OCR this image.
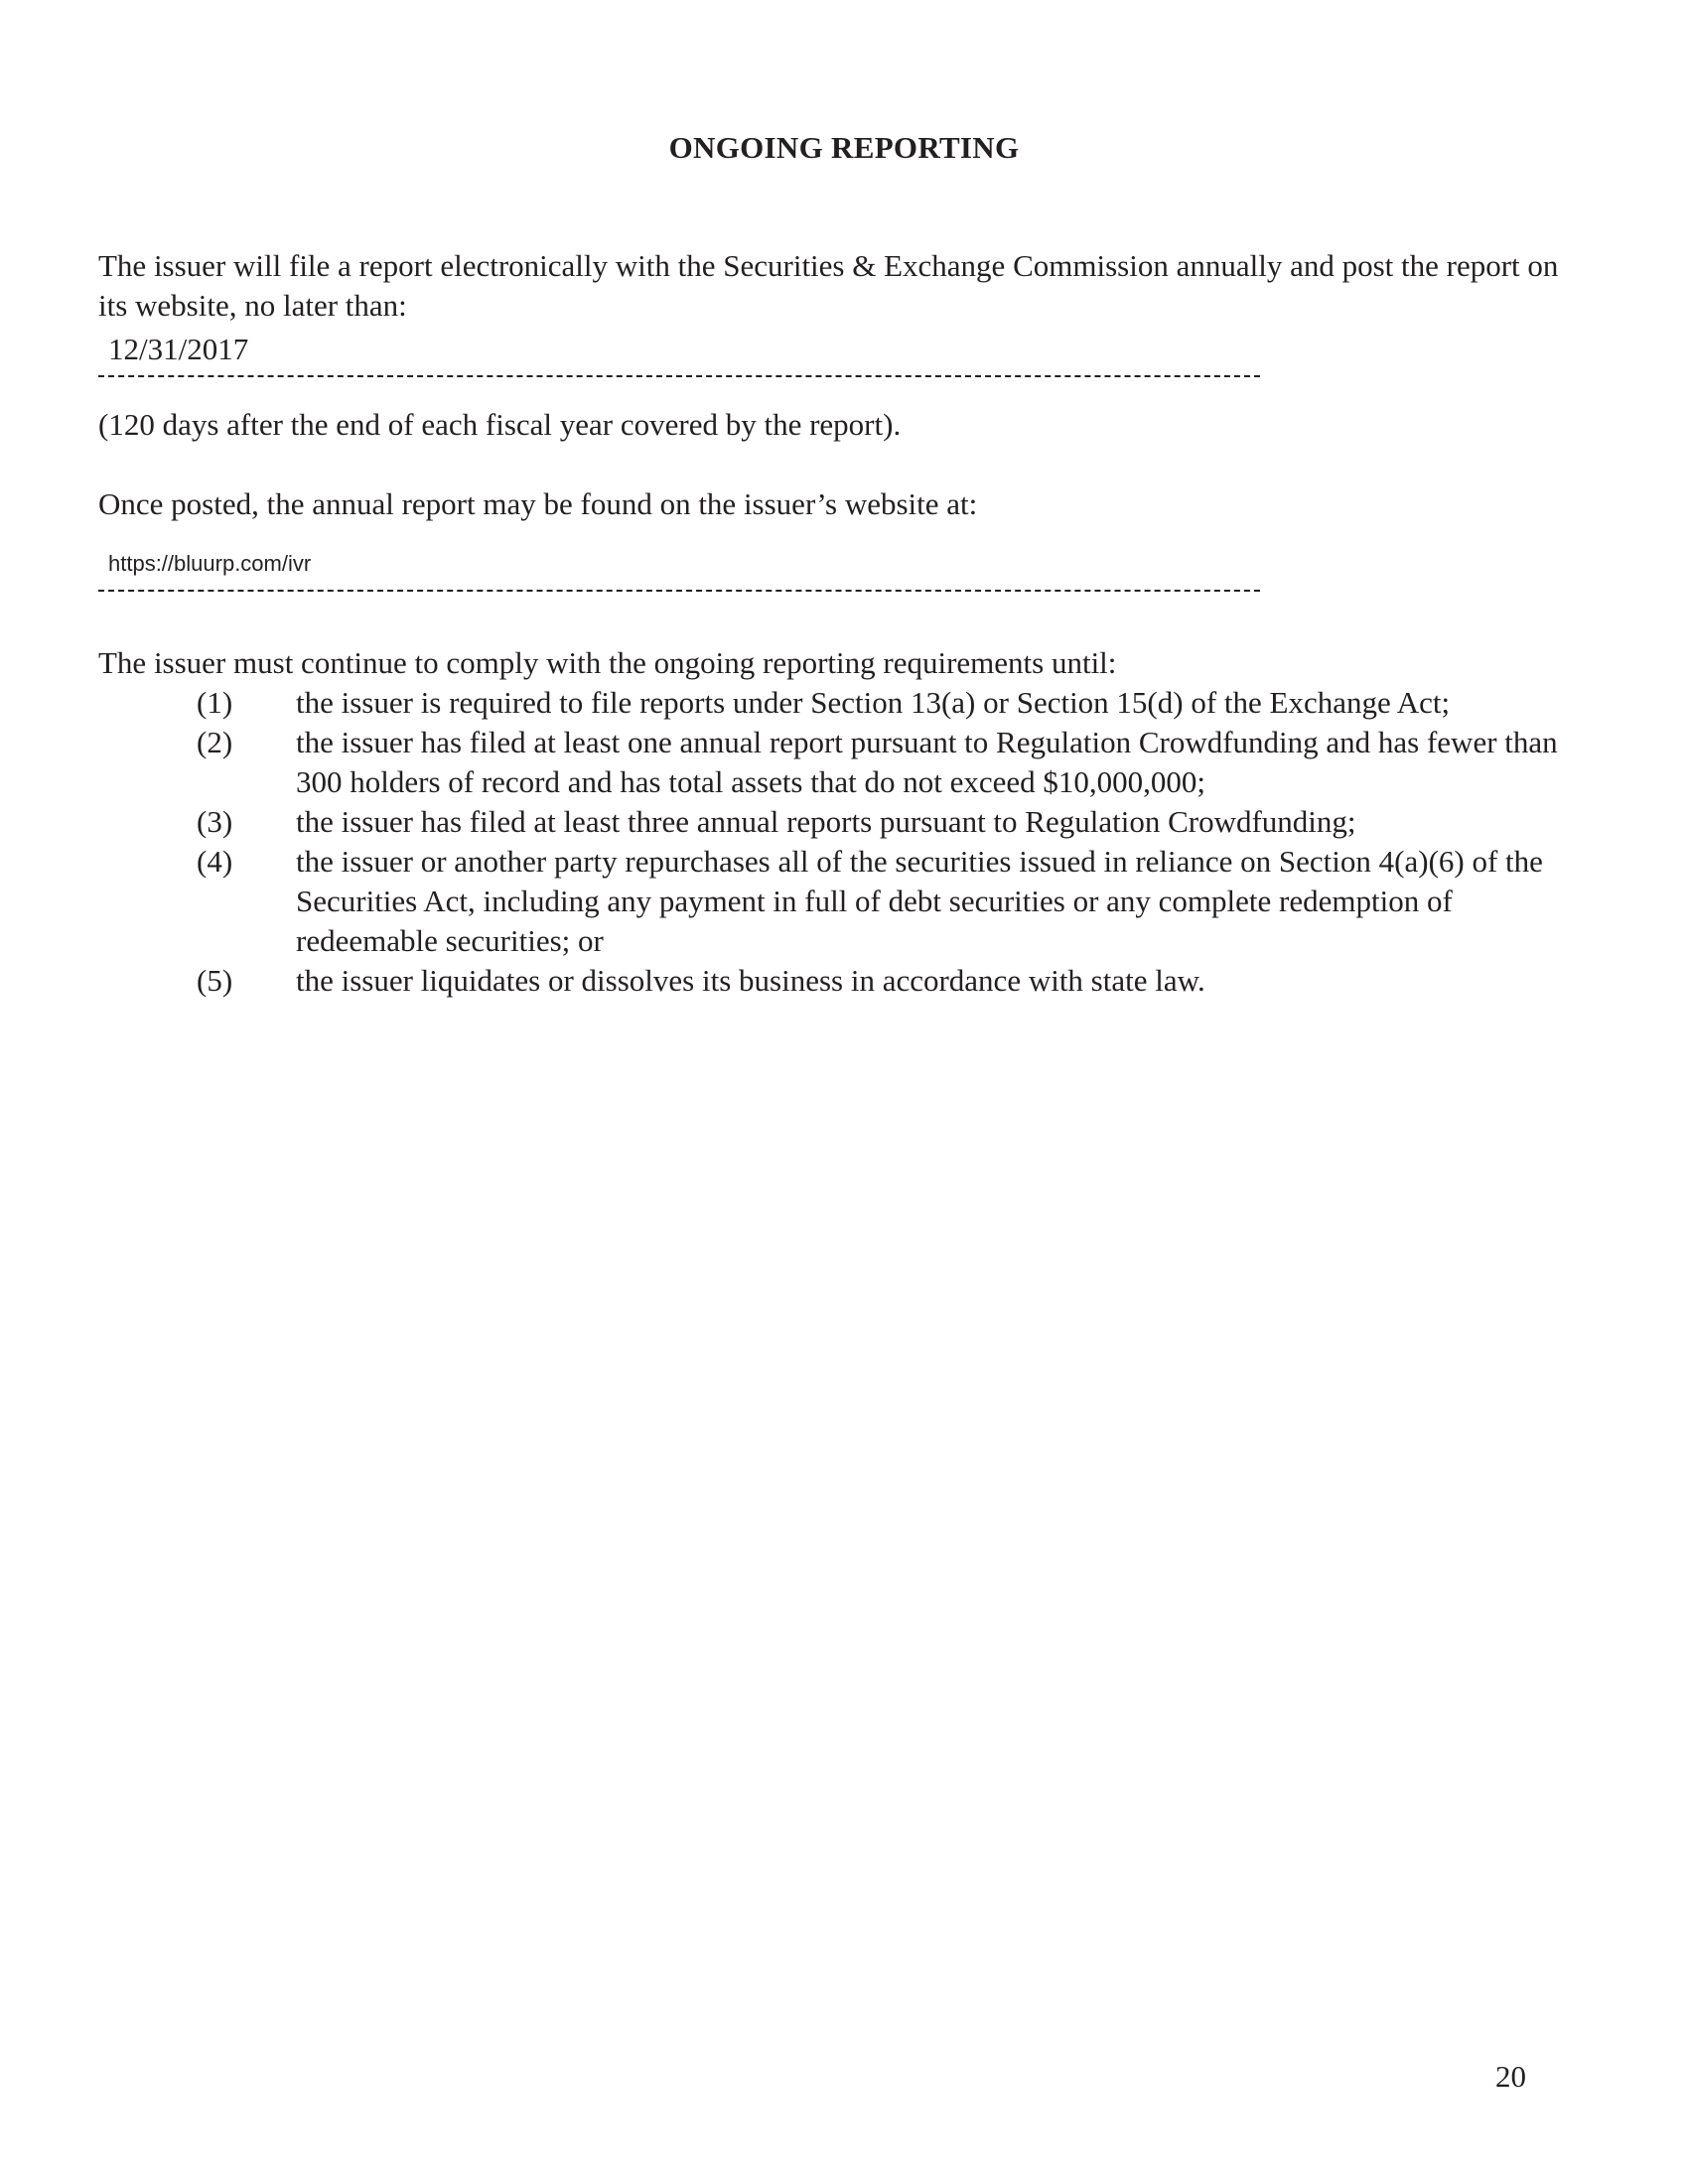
ONGOING REPORTING
The issuer will file a report electronically with the Securities & Exchange Commission annually and post the report on its website, no later than:
12/31/2017
(120 days after the end of each fiscal year covered by the report).
Once posted, the annual report may be found on the issuer’s website at:
https://bluurp.com/ivr
The issuer must continue to comply with the ongoing reporting requirements until:
(1) the issuer is required to file reports under Section 13(a) or Section 15(d) of the Exchange Act;
(2) the issuer has filed at least one annual report pursuant to Regulation Crowdfunding and has fewer than 300 holders of record and has total assets that do not exceed $10,000,000;
(3) the issuer has filed at least three annual reports pursuant to Regulation Crowdfunding;
(4) the issuer or another party repurchases all of the securities issued in reliance on Section 4(a)(6) of the Securities Act, including any payment in full of debt securities or any complete redemption of redeemable securities; or
(5) the issuer liquidates or dissolves its business in accordance with state law.
20
